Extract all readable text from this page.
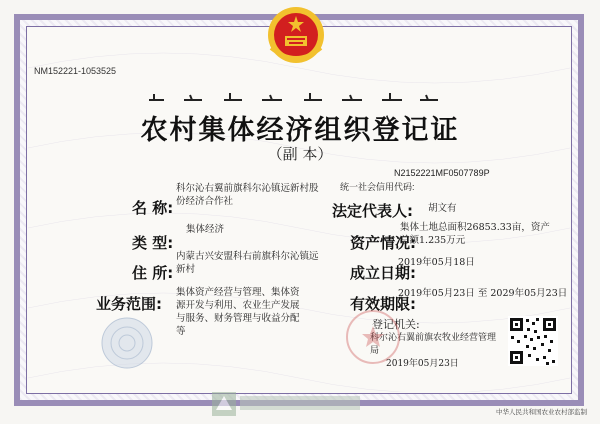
NM152221-1053525
农村集体经济组织登记证
（副 本）
名 称:
科尔沁右翼前旗科尔沁镇远新村股份经济合作社
类 型:
集体经济
住 所:
内蒙古兴安盟科右前旗科尔沁镇远新村
业务范围:
集体资产经营与管理、集体资源开发与利用、农业生产发展与服务、财务管理与收益分配等
N2152221MF0507789P
统一社会信用代码:
法定代表人: 胡文有
资产情况:
集体土地总面积26853.33亩，资产总额1.235万元
成立日期:
2019年05月18日
有效期限:
2019年05月23日 至 2029年05月23日
登记机关:
科尔沁右翼前旗农牧业经营管理局
2019年05月23日
中华人民共和国农业农村部监制
